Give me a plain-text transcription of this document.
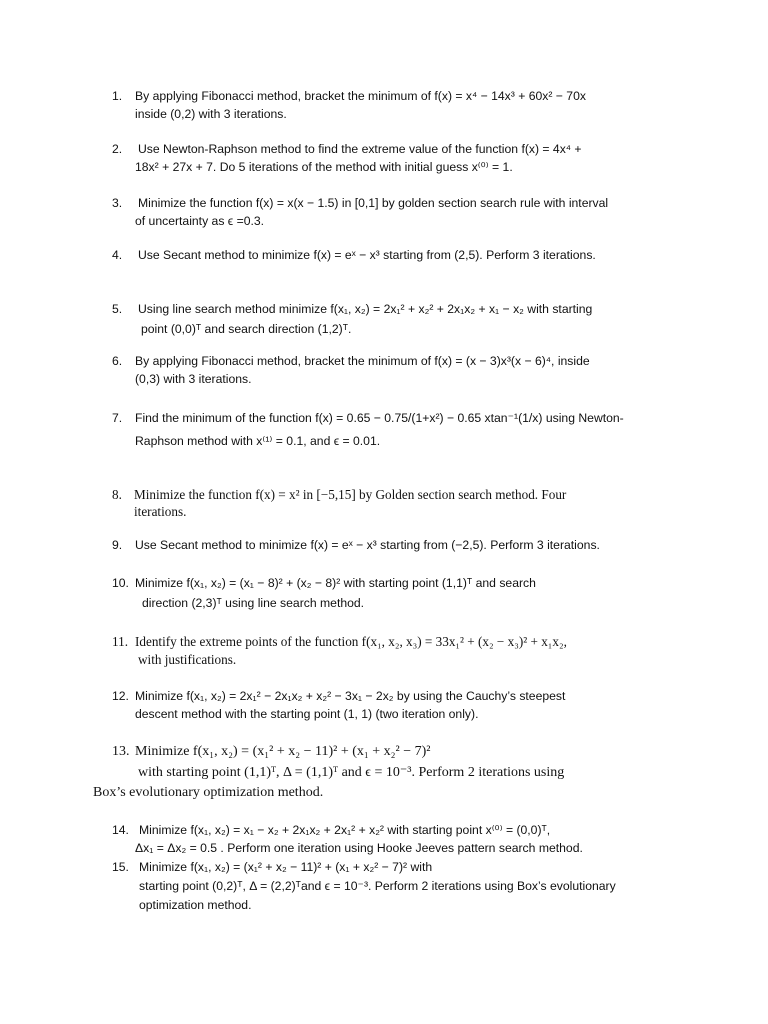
1. By applying Fibonacci method, bracket the minimum of f(x) = x⁴ − 14x³ + 60x² − 70x
inside (0,2) with 3 iterations.
2. Use Newton-Raphson method to find the extreme value of the function f(x) = 4x⁴ +
18x² + 27x + 7. Do 5 iterations of the method with initial guess x⁽⁰⁾ = 1.
3. Minimize the function f(x) = x(x − 1.5) in [0,1] by golden section search rule with interval
of uncertainty as ϵ =0.3.
4. Use Secant method to minimize f(x) = eˣ − x³ starting from (2,5). Perform 3 iterations.
5. Using line search method minimize f(x₁, x₂) = 2x₁² + x₂² + 2x₁x₂ + x₁ − x₂ with starting
point (0,0)ᵀ and search direction (1,2)ᵀ.
6. By applying Fibonacci method, bracket the minimum of f(x) = (x − 3)x³(x − 6)⁴, inside
(0,3) with 3 iterations.
7. Find the minimum of the function f(x) = 0.65 − 0.75/(1+x²) − 0.65 xtan⁻¹(1/x) using Newton-
Raphson method with x⁽¹⁾ = 0.1, and ϵ = 0.01.
8. Minimize the function f(x) = x² in [−5,15] by Golden section search method. Four
iterations.
9. Use Secant method to minimize f(x) = eˣ − x³ starting from (−2,5). Perform 3 iterations.
10. Minimize f(x₁, x₂) = (x₁ − 8)² + (x₂ − 8)² with starting point (1,1)ᵀ and search
direction (2,3)ᵀ using line search method.
11. Identify the extreme points of the function f(x₁, x₂, x₃) = 33x₁² + (x₂ − x₃)² + x₁x₂,
with justifications.
12. Minimize f(x₁, x₂) = 2x₁² − 2x₁x₂ + x₂² − 3x₁ − 2x₂ by using the Cauchy’s steepest
descent method with the starting point (1, 1) (two iteration only).
13. Minimize f(x₁, x₂) = (x₁² + x₂ − 11)² + (x₁ + x₂² − 7)²
with starting point (1,1)ᵀ, Δ = (1,1)ᵀ and ϵ = 10⁻³. Perform 2 iterations using
Box’s evolutionary optimization method.
14. Minimize f(x₁, x₂) = x₁ − x₂ + 2x₁x₂ + 2x₁² + x₂² with starting point x⁽⁰⁾ = (0,0)ᵀ,
Δx₁ = Δx₂ = 0.5 . Perform one iteration using Hooke Jeeves pattern search method.
15. Minimize f(x₁, x₂) = (x₁² + x₂ − 11)² + (x₁ + x₂² − 7)² with
starting point (0,2)ᵀ, Δ = (2,2)ᵀand ϵ = 10⁻³. Perform 2 iterations using Box’s evolutionary
optimization method.
